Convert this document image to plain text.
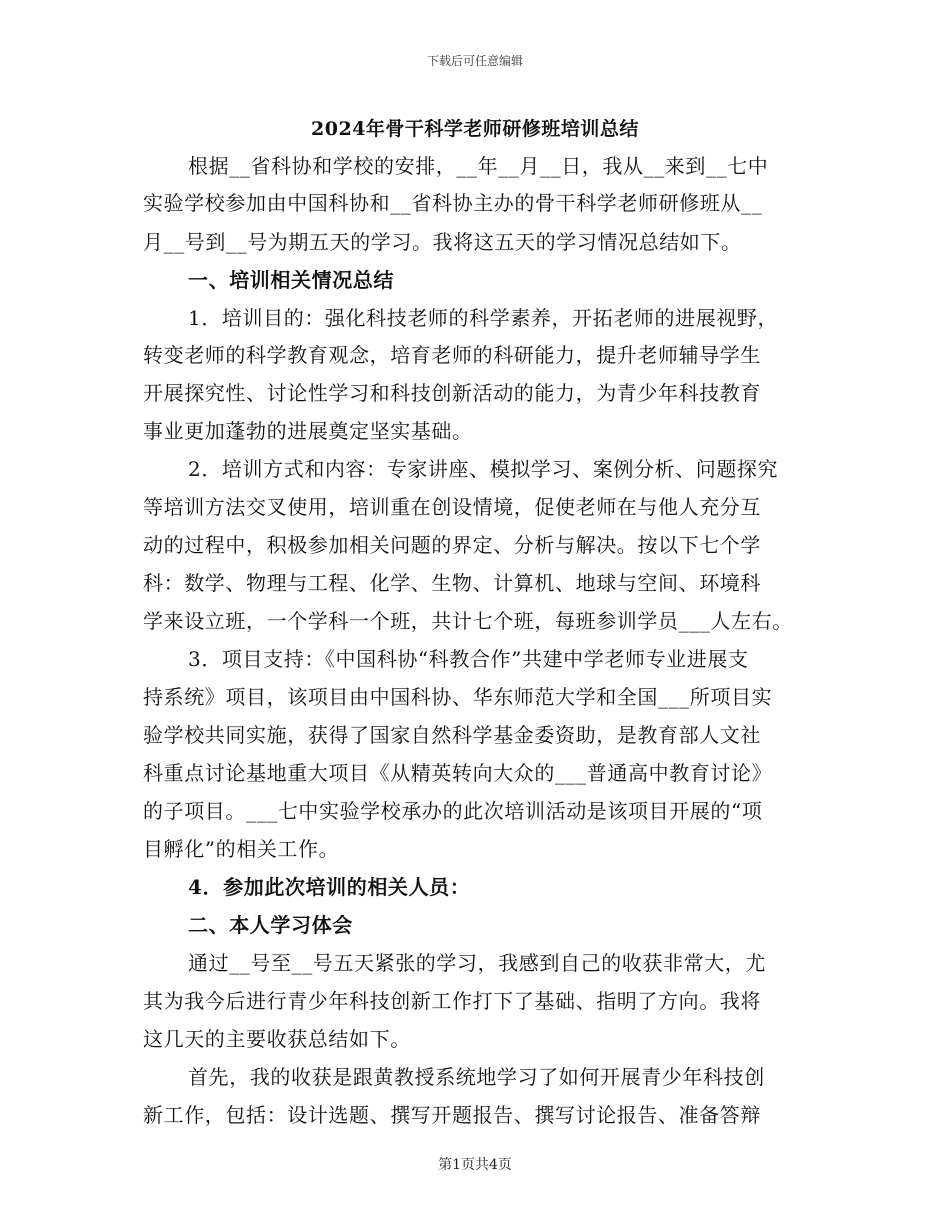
下载后可任意编辑
2024年骨干科学老师研修班培训总结
根据__省科协和学校的安排，__年__月__日，我从__来到__七中
实验学校参加由中国科协和__省科协主办的骨干科学老师研修班从__
月__号到__号为期五天的学习。我将这五天的学习情况总结如下。
一、培训相关情况总结
1．培训目的：强化科技老师的科学素养，开拓老师的进展视野，
转变老师的科学教育观念，培育老师的科研能力，提升老师辅导学生
开展探究性、讨论性学习和科技创新活动的能力，为青少年科技教育
事业更加蓬勃的进展奠定坚实基础。
2．培训方式和内容：专家讲座、模拟学习、案例分析、问题探究
等培训方法交叉使用，培训重在创设情境，促使老师在与他人充分互
动的过程中，积极参加相关问题的界定、分析与解决。按以下七个学
科：数学、物理与工程、化学、生物、计算机、地球与空间、环境科
学来设立班，一个学科一个班，共计七个班，每班参训学员___人左右。
3．项目支持：《中国科协“科教合作”共建中学老师专业进展支
持系统》项目，该项目由中国科协、华东师范大学和全国___所项目实
验学校共同实施，获得了国家自然科学基金委资助，是教育部人文社
科重点讨论基地重大项目《从精英转向大众的___普通高中教育讨论》
的子项目。___七中实验学校承办的此次培训活动是该项目开展的“项
目孵化”的相关工作。
4．参加此次培训的相关人员：
二、本人学习体会
通过__号至__号五天紧张的学习，我感到自己的收获非常大，尤
其为我今后进行青少年科技创新工作打下了基础、指明了方向。我将
这几天的主要收获总结如下。
首先，我的收获是跟黄教授系统地学习了如何开展青少年科技创
新工作，包括：设计选题、撰写开题报告、撰写讨论报告、准备答辩
第1页共4页
